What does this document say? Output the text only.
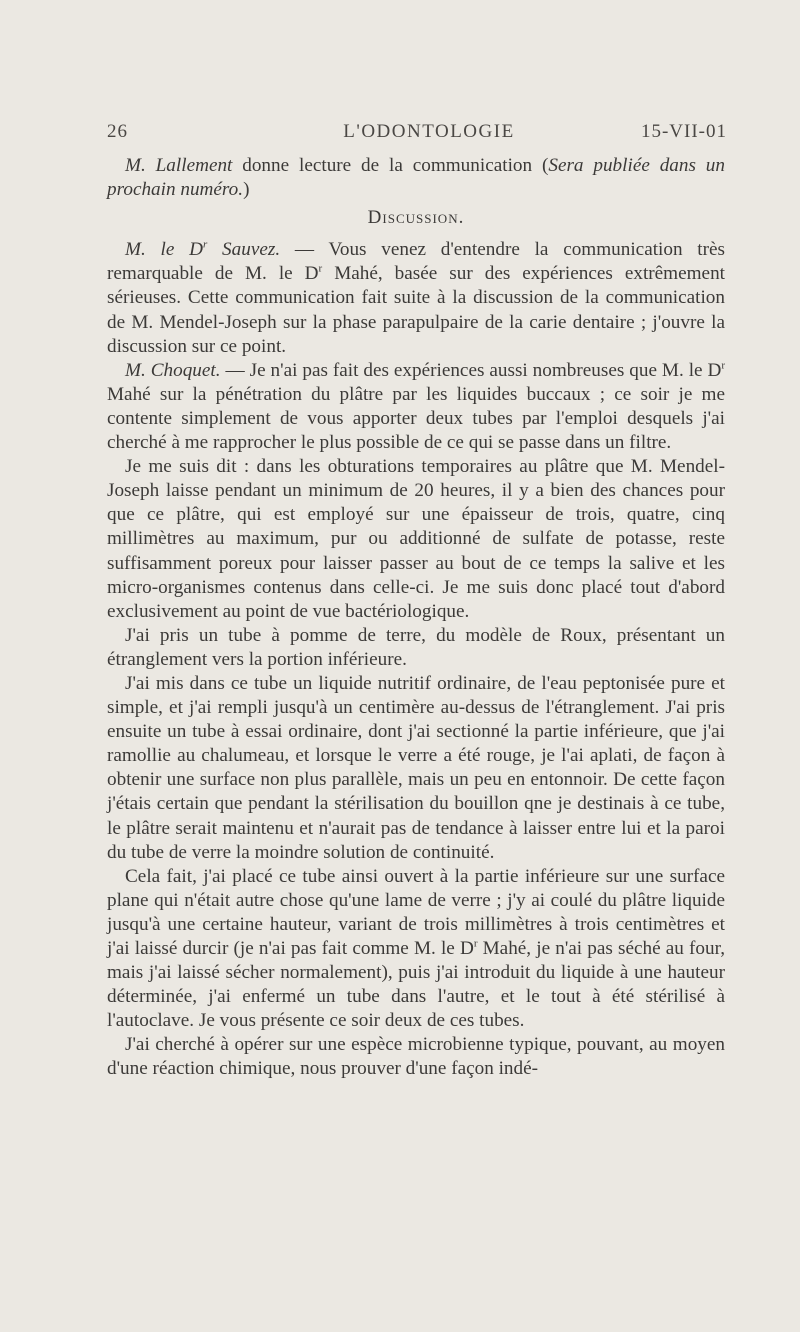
26	L'ODONTOLOGIE	15-VII-01

M. Lallement donne lecture de la communication (Sera publiée dans un prochain numéro.)

Discussion.

M. le $D^r$ Sauvez. — Vous venez d'entendre la communication très remarquable de M. le $D^r$ Mahé, basée sur des expériences extrêmement sérieuses. Cette communication fait suite à la discussion de la communication de M. Mendel-Joseph sur la phase parapulpaire de la carie dentaire ; j'ouvre la discussion sur ce point.

M. Choquet. — Je n'ai pas fait des expériences aussi nombreuses que M. le $D^r$ Mahé sur la pénétration du plâtre par les liquides buccaux ; ce soir je me contente simplement de vous apporter deux tubes par l'emploi desquels j'ai cherché à me rapprocher le plus possible de ce qui se passe dans un filtre.

Je me suis dit : dans les obturations temporaires au plâtre que M. Mendel-Joseph laisse pendant un minimum de 20 heures, il y a bien des chances pour que ce plâtre, qui est employé sur une épaisseur de trois, quatre, cinq millimètres au maximum, pur ou additionné de sulfate de potasse, reste suffisamment poreux pour laisser passer au bout de ce temps la salive et les micro-organismes contenus dans celle-ci. Je me suis donc placé tout d'abord exclusivement au point de vue bactériologique.

J'ai pris un tube à pomme de terre, du modèle de Roux, présentant un étranglement vers la portion inférieure.

J'ai mis dans ce tube un liquide nutritif ordinaire, de l'eau peptonisée pure et simple, et j'ai rempli jusqu'à un centimère au-dessus de l'étranglement. J'ai pris ensuite un tube à essai ordinaire, dont j'ai sectionné la partie inférieure, que j'ai ramollie au chalumeau, et lorsque le verre a été rouge, je l'ai aplati, de façon à obtenir une surface non plus parallèle, mais un peu en entonnoir. De cette façon j'étais certain que pendant la stérilisation du bouillon qne je destinais à ce tube, le plâtre serait maintenu et n'aurait pas de tendance à laisser entre lui et la paroi du tube de verre la moindre solution de continuité.

Cela fait, j'ai placé ce tube ainsi ouvert à la partie inférieure sur une surface plane qui n'était autre chose qu'une lame de verre ; j'y ai coulé du plâtre liquide jusqu'à une certaine hauteur, variant de trois millimètres à trois centimètres et j'ai laissé durcir (je n'ai pas fait comme M. le $D^r$ Mahé, je n'ai pas séché au four, mais j'ai laissé sécher normalement), puis j'ai introduit du liquide à une hauteur déterminée, j'ai enfermé un tube dans l'autre, et le tout à été stérilisé à l'autoclave. Je vous présente ce soir deux de ces tubes.

J'ai cherché à opérer sur une espèce microbienne typique, pouvant, au moyen d'une réaction chimique, nous prouver d'une façon indé-
